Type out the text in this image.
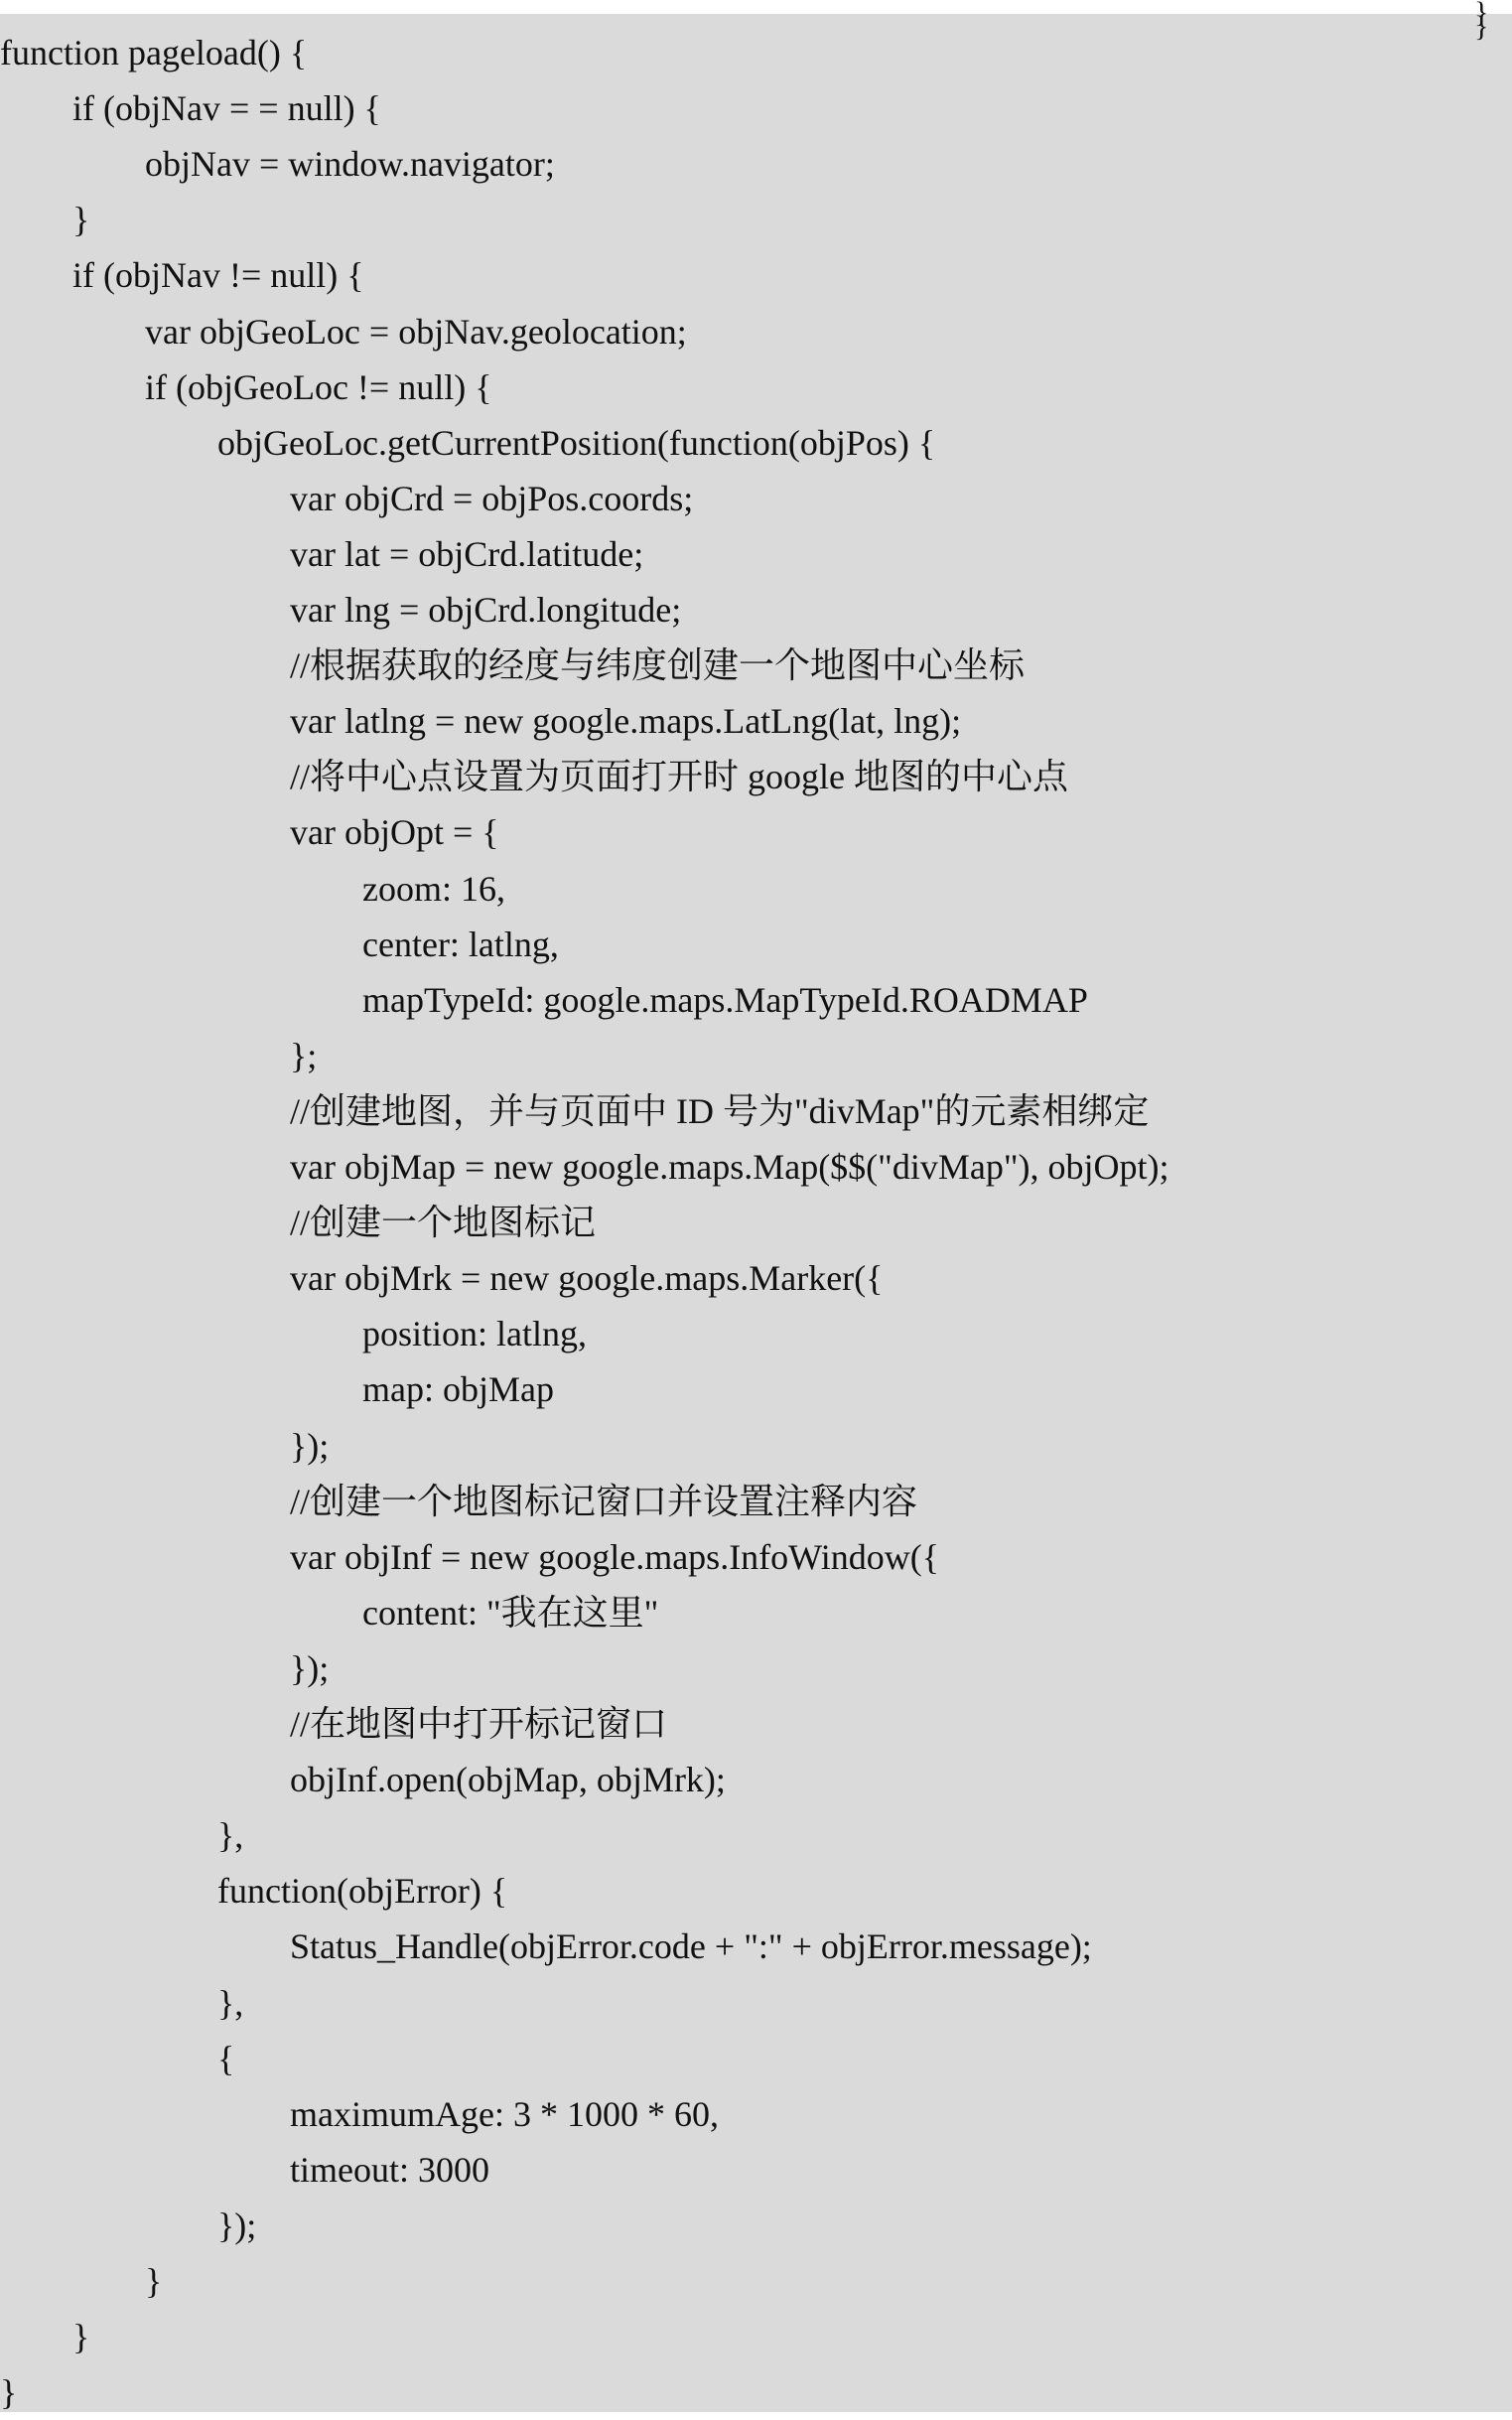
} }
function pageload() {
if (objNav = = null) {
objNav = window.navigator;
}
if (objNav != null) {
var objGeoLoc = objNav.geolocation;
if (objGeoLoc != null) {
objGeoLoc.getCurrentPosition(function(objPos) {
var objCrd = objPos.coords;
var lat = objCrd.latitude;
var lng = objCrd.longitude;
//根据获取的经度与纬度创建一个地图中心坐标
var latlng = new google.maps.LatLng(lat, lng);
//将中心点设置为页面打开时 google 地图的中心点
var objOpt = {
zoom: 16,
center: latlng,
mapTypeId: google.maps.MapTypeId.ROADMAP
};
//创建地图，并与页面中 ID 号为"divMap"的元素相绑定
var objMap = new google.maps.Map($$("divMap"), objOpt);
//创建一个地图标记
var objMrk = new google.maps.Marker({
position: latlng,
map: objMap
});
//创建一个地图标记窗口并设置注释内容
var objInf = new google.maps.InfoWindow({
content: "我在这里"
});
//在地图中打开标记窗口
objInf.open(objMap, objMrk);
},
function(objError) {
Status_Handle(objError.code + ":" + objError.message);
},
{
maximumAge: 3 * 1000 * 60,
timeout: 3000
});
}
}
}
